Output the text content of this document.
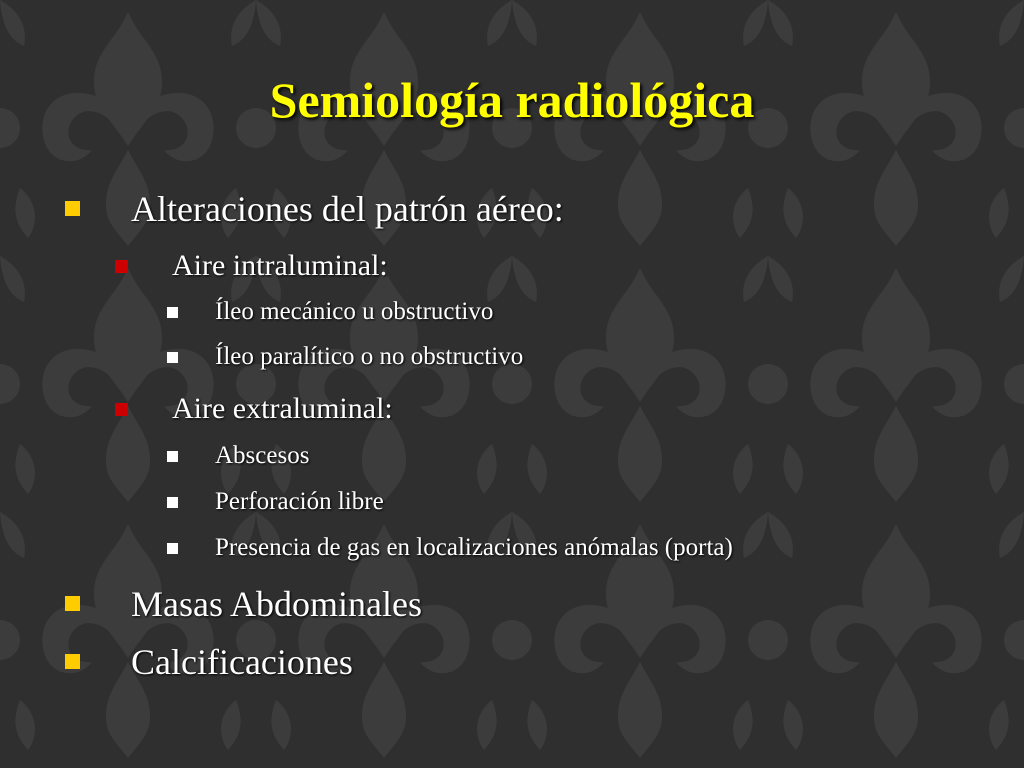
Semiología radiológica
Alteraciones del patrón aéreo:
Aire intraluminal:
Íleo mecánico u obstructivo
Íleo paralítico o no obstructivo
Aire extraluminal:
Abscesos
Perforación libre
Presencia de gas en localizaciones anómalas (porta)
Masas Abdominales
Calcificaciones
